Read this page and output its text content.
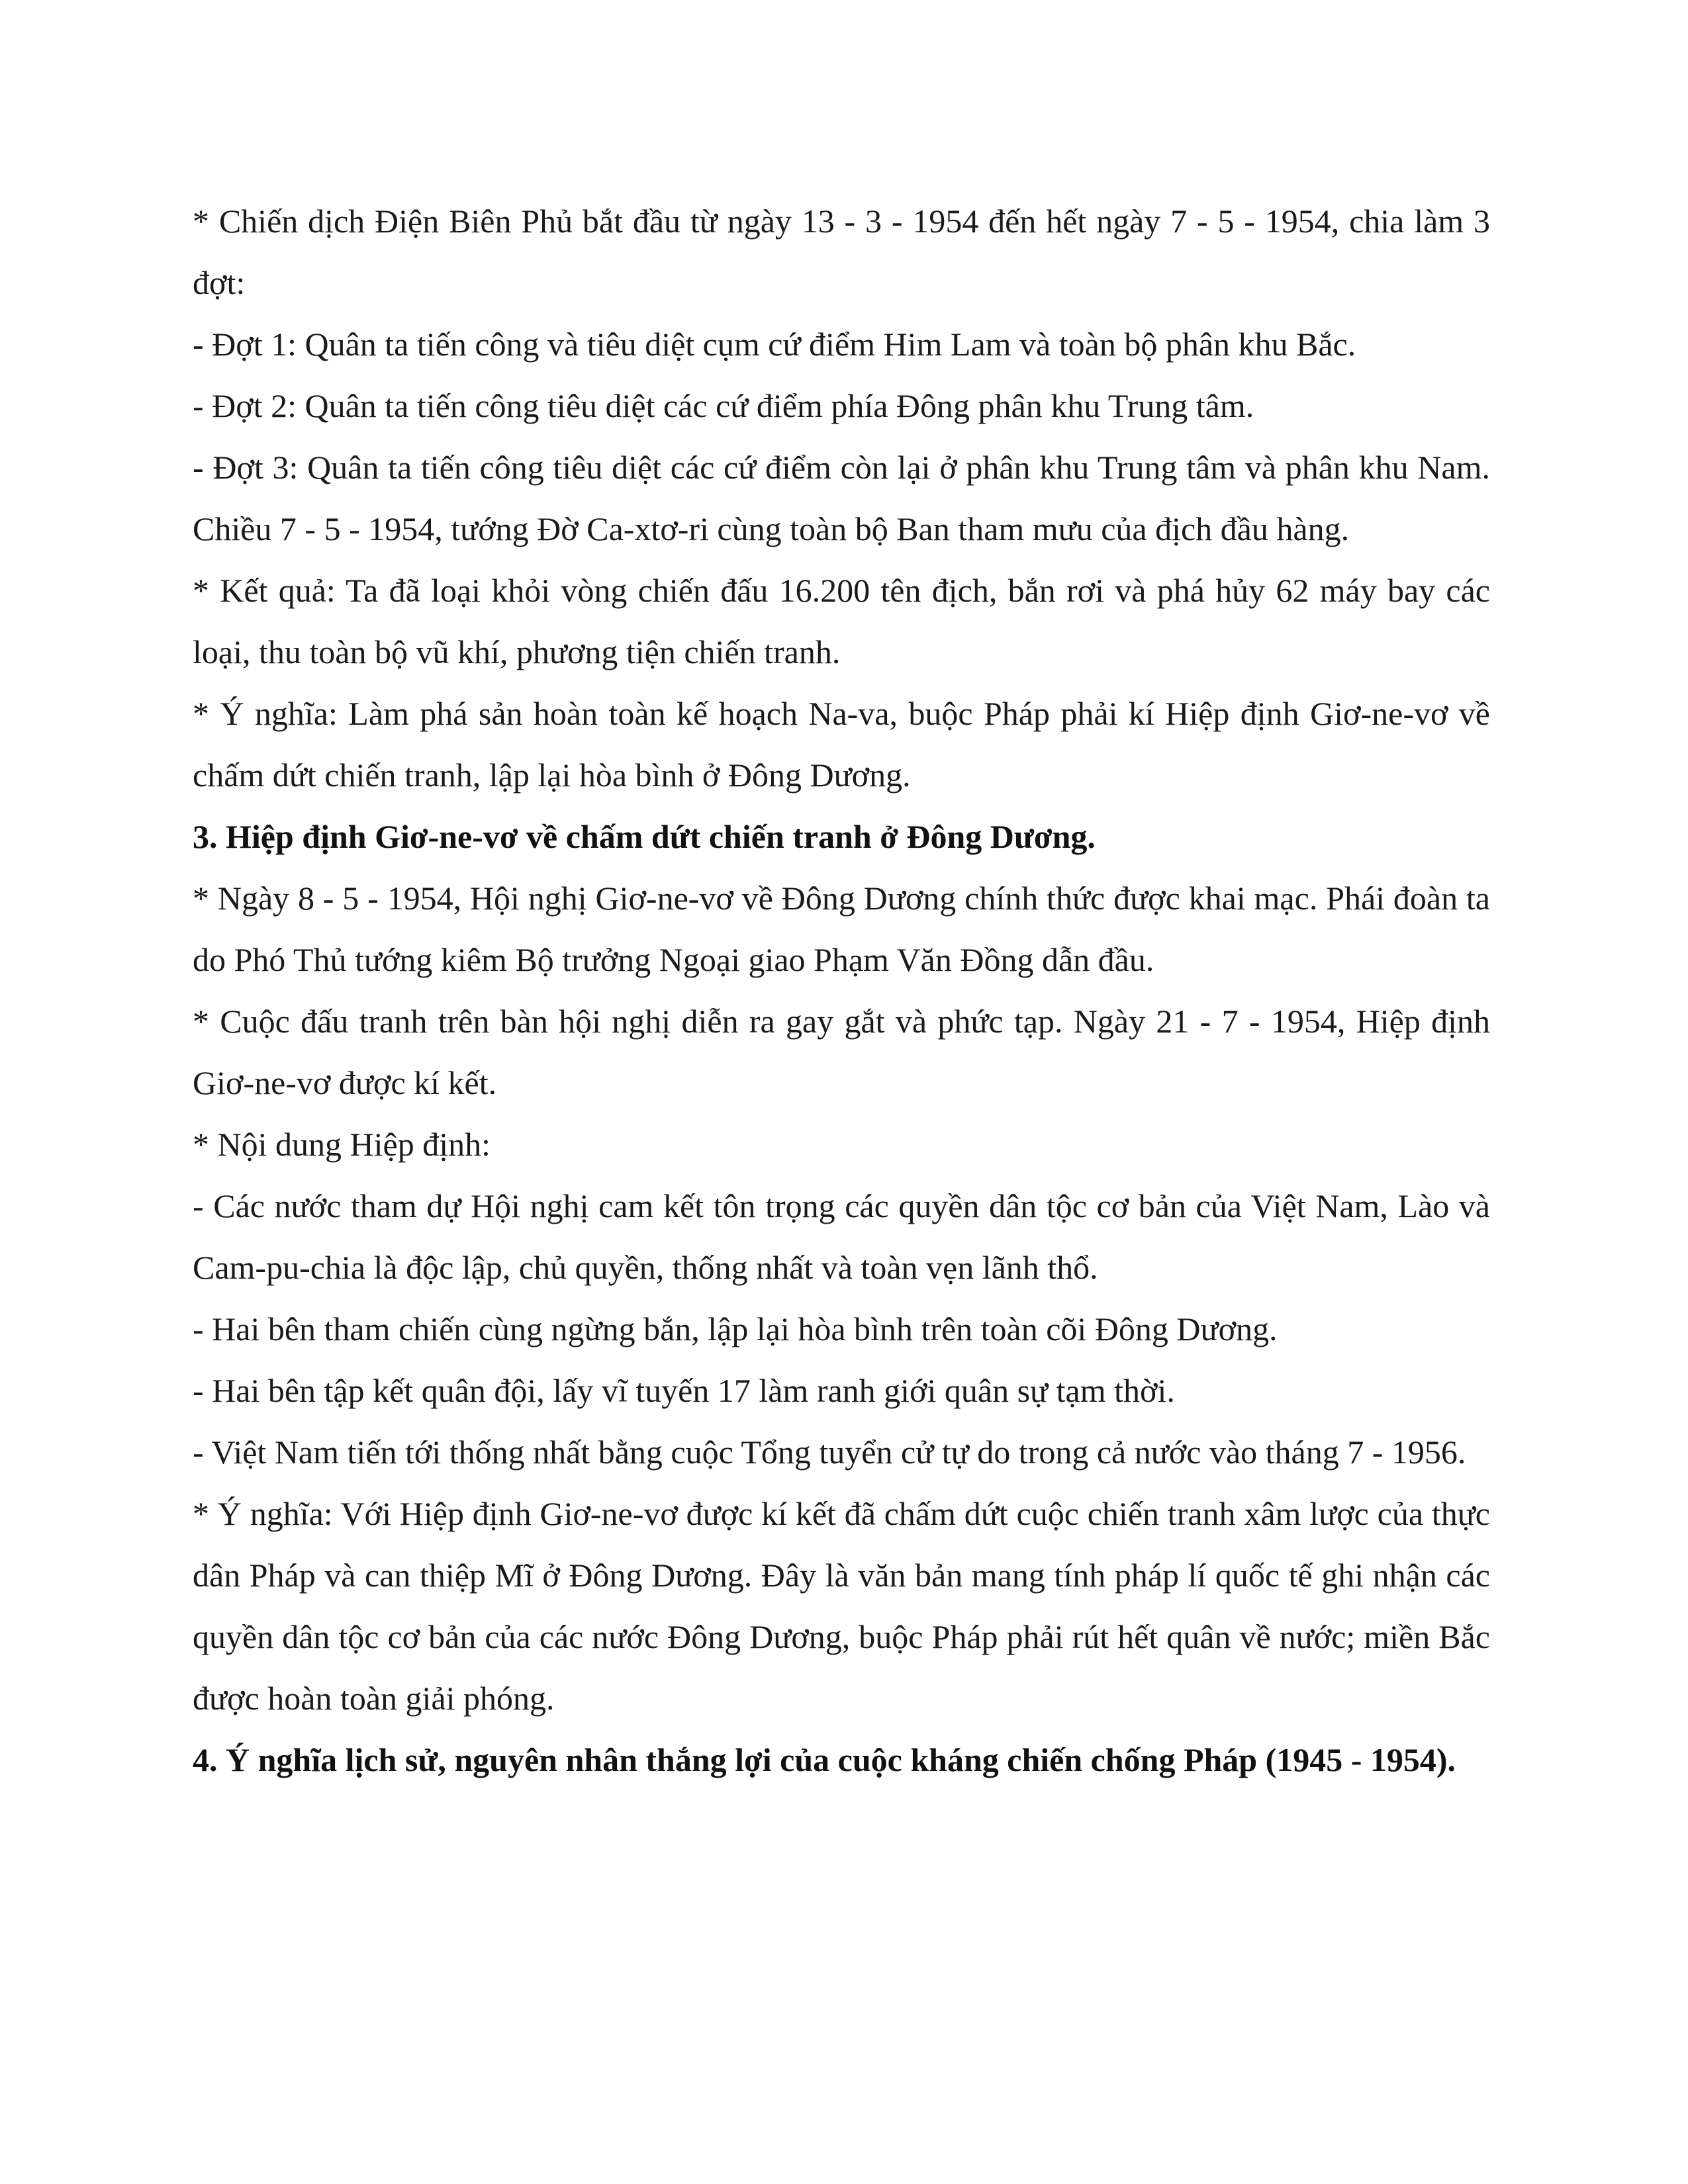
* Chiến dịch Điện Biên Phủ bắt đầu từ ngày 13 - 3 - 1954 đến hết ngày 7 - 5 - 1954, chia làm 3 đợt:

- Đợt 1: Quân ta tiến công và tiêu diệt cụm cứ điểm Him Lam và toàn bộ phân khu Bắc.

- Đợt 2: Quân ta tiến công tiêu diệt các cứ điểm phía Đông phân khu Trung tâm.

- Đợt 3: Quân ta tiến công tiêu diệt các cứ điểm còn lại ở phân khu Trung tâm và phân khu Nam. Chiều 7 - 5 - 1954, tướng Đờ Ca-xtơ-ri cùng toàn bộ Ban tham mưu của địch đầu hàng.

* Kết quả: Ta đã loại khỏi vòng chiến đấu 16.200 tên địch, bắn rơi và phá hủy 62 máy bay các loại, thu toàn bộ vũ khí, phương tiện chiến tranh.

* Ý nghĩa: Làm phá sản hoàn toàn kế hoạch Na-va, buộc Pháp phải kí Hiệp định Giơ-ne-vơ về chấm dứt chiến tranh, lập lại hòa bình ở Đông Dương.

3. Hiệp định Giơ-ne-vơ về chấm dứt chiến tranh ở Đông Dương.

* Ngày 8 - 5 - 1954, Hội nghị Giơ-ne-vơ về Đông Dương chính thức được khai mạc. Phái đoàn ta do Phó Thủ tướng kiêm Bộ trưởng Ngoại giao Phạm Văn Đồng dẫn đầu.

* Cuộc đấu tranh trên bàn hội nghị diễn ra gay gắt và phức tạp. Ngày 21 - 7 - 1954, Hiệp định Giơ-ne-vơ được kí kết.

* Nội dung Hiệp định:

- Các nước tham dự Hội nghị cam kết tôn trọng các quyền dân tộc cơ bản của Việt Nam, Lào và Cam-pu-chia là độc lập, chủ quyền, thống nhất và toàn vẹn lãnh thổ.

- Hai bên tham chiến cùng ngừng bắn, lập lại hòa bình trên toàn cõi Đông Dương.

- Hai bên tập kết quân đội, lấy vĩ tuyến 17 làm ranh giới quân sự tạm thời.

- Việt Nam tiến tới thống nhất bằng cuộc Tổng tuyển cử tự do trong cả nước vào tháng 7 - 1956.

* Ý nghĩa: Với Hiệp định Giơ-ne-vơ được kí kết đã chấm dứt cuộc chiến tranh xâm lược của thực dân Pháp và can thiệp Mĩ ở Đông Dương. Đây là văn bản mang tính pháp lí quốc tế ghi nhận các quyền dân tộc cơ bản của các nước Đông Dương, buộc Pháp phải rút hết quân về nước; miền Bắc được hoàn toàn giải phóng.

4. Ý nghĩa lịch sử, nguyên nhân thắng lợi của cuộc kháng chiến chống Pháp (1945 - 1954).
